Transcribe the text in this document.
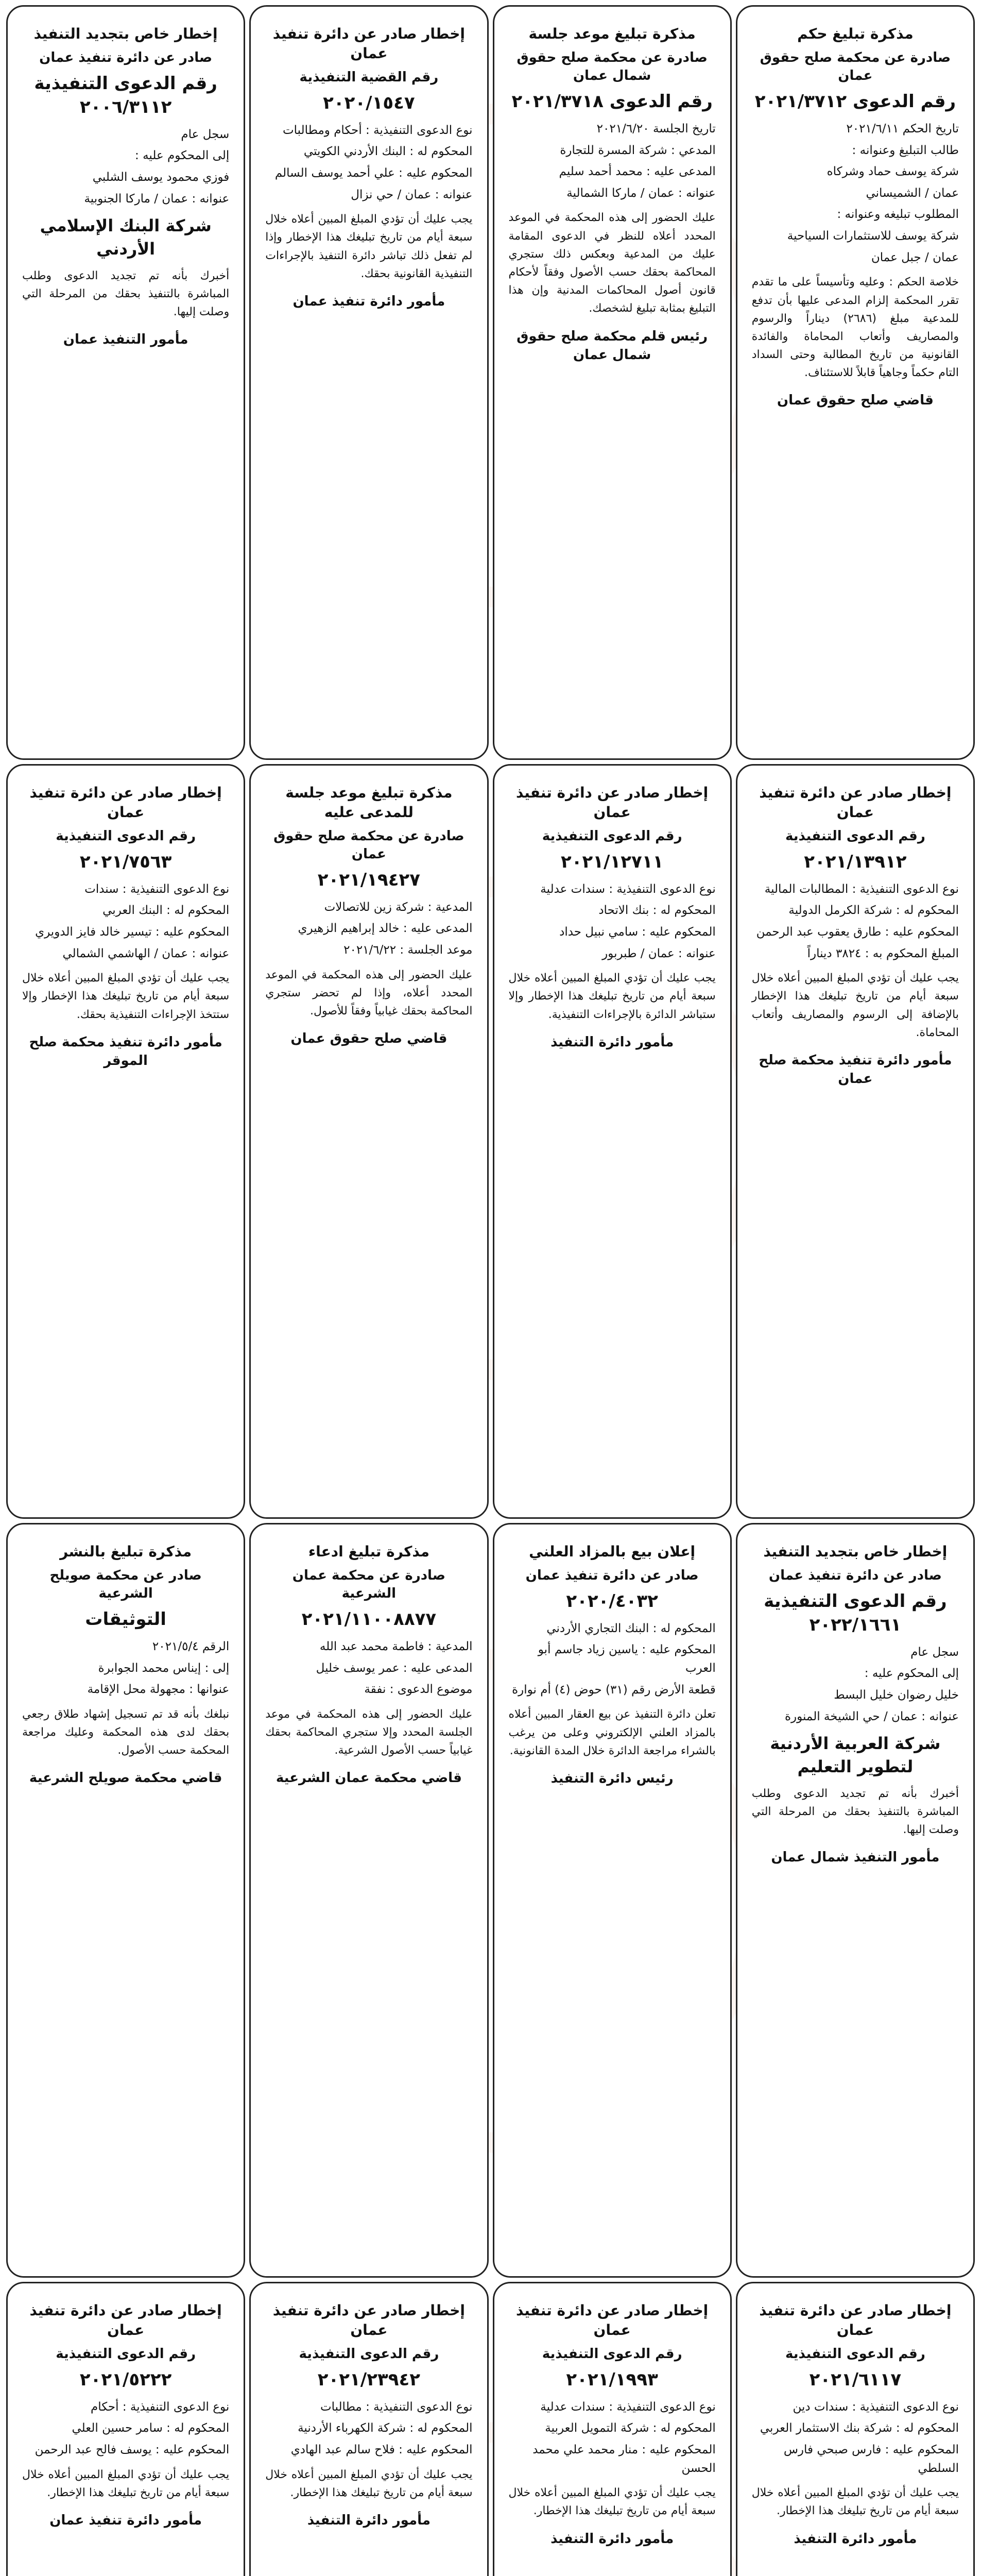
مذكرة تبليغ حكم
صادرة عن محكمة صلح حقوق عمان
رقم الدعوى ٢٠٢١/٣٧١٢
تاريخ الحكم ٢٠٢١/٦/١١
طالب التبليغ وعنوانه :
شركة يوسف حماد وشركاه
عمان / الشميساني
المطلوب تبليغه وعنوانه :
شركة يوسف للاستثمارات السياحية
عمان / جبل عمان
خلاصة الحكم : وعليه وتأسيساً على ما تقدم تقرر المحكمة إلزام المدعى عليها بأن تدفع للمدعية مبلغ (٢٦٨٦) ديناراً والرسوم والمصاريف وأتعاب المحاماة والفائدة القانونية من تاريخ المطالبة وحتى السداد التام حكماً وجاهياً قابلاً للاستئناف.
قاضي صلح حقوق عمان
مذكرة تبليغ موعد جلسة
صادرة عن محكمة صلح حقوق شمال عمان
رقم الدعوى ٢٠٢١/٣٧١٨
تاريخ الجلسة ٢٠٢١/٦/٢٠
المدعي : شركة المسرة للتجارة
المدعى عليه : محمد أحمد سليم
عنوانه : عمان / ماركا الشمالية
عليك الحضور إلى هذه المحكمة في الموعد المحدد أعلاه للنظر في الدعوى المقامة عليك من المدعية وبعكس ذلك ستجري المحاكمة بحقك حسب الأصول وفقاً لأحكام قانون أصول المحاكمات المدنية وإن هذا التبليغ بمثابة تبليغ لشخصك.
رئيس قلم محكمة صلح حقوق شمال عمان
إخطار صادر عن دائرة تنفيذ عمان
رقم القضية التنفيذية
٢٠٢٠/١٥٤٧
نوع الدعوى التنفيذية : أحكام ومطالبات
المحكوم له : البنك الأردني الكويتي
المحكوم عليه : علي أحمد يوسف السالم
عنوانه : عمان / حي نزال
يجب عليك أن تؤدي المبلغ المبين أعلاه خلال سبعة أيام من تاريخ تبليغك هذا الإخطار وإذا لم تفعل ذلك تباشر دائرة التنفيذ بالإجراءات التنفيذية القانونية بحقك.
مأمور دائرة تنفيذ عمان
إخطار خاص بتجديد التنفيذ
صادر عن دائرة تنفيذ عمان
رقم الدعوى التنفيذية ٢٠٠٦/٣١١٢
سجل عام
إلى المحكوم عليه :
فوزي محمود يوسف الشلبي
عنوانه : عمان / ماركا الجنوبية
شركة البنك الإسلامي الأردني
أخبرك بأنه تم تجديد الدعوى وطلب المباشرة بالتنفيذ بحقك من المرحلة التي وصلت إليها.
مأمور التنفيذ عمان
إخطار صادر عن دائرة تنفيذ عمان
رقم الدعوى التنفيذية
٢٠٢١/١٣٩١٢
نوع الدعوى التنفيذية : المطالبات المالية
المحكوم له : شركة الكرمل الدولية
المحكوم عليه : طارق يعقوب عبد الرحمن
المبلغ المحكوم به : ٣٨٢٤ ديناراً
يجب عليك أن تؤدي المبلغ المبين أعلاه خلال سبعة أيام من تاريخ تبليغك هذا الإخطار بالإضافة إلى الرسوم والمصاريف وأتعاب المحاماة.
مأمور دائرة تنفيذ محكمة صلح عمان
إخطار صادر عن دائرة تنفيذ عمان
رقم الدعوى التنفيذية
٢٠٢١/١٢٧١١
نوع الدعوى التنفيذية : سندات عدلية
المحكوم له : بنك الاتحاد
المحكوم عليه : سامي نبيل حداد
عنوانه : عمان / طبربور
يجب عليك أن تؤدي المبلغ المبين أعلاه خلال سبعة أيام من تاريخ تبليغك هذا الإخطار وإلا ستباشر الدائرة بالإجراءات التنفيذية.
مأمور دائرة التنفيذ
مذكرة تبليغ موعد جلسة للمدعى عليه
صادرة عن محكمة صلح حقوق عمان
٢٠٢١/١٩٤٢٧
المدعية : شركة زين للاتصالات
المدعى عليه : خالد إبراهيم الزهيري
موعد الجلسة : ٢٠٢١/٦/٢٢
عليك الحضور إلى هذه المحكمة في الموعد المحدد أعلاه، وإذا لم تحضر ستجري المحاكمة بحقك غيابياً وفقاً للأصول.
قاضي صلح حقوق عمان
إخطار صادر عن دائرة تنفيذ عمان
رقم الدعوى التنفيذية
٢٠٢١/٧٥٦٣
نوع الدعوى التنفيذية : سندات
المحكوم له : البنك العربي
المحكوم عليه : تيسير خالد فايز الدويري
عنوانه : عمان / الهاشمي الشمالي
يجب عليك أن تؤدي المبلغ المبين أعلاه خلال سبعة أيام من تاريخ تبليغك هذا الإخطار وإلا ستتخذ الإجراءات التنفيذية بحقك.
مأمور دائرة تنفيذ محكمة صلح الموقر
إخطار خاص بتجديد التنفيذ
صادر عن دائرة تنفيذ عمان
رقم الدعوى التنفيذية ٢٠٢٢/١٦٦١
سجل عام
إلى المحكوم عليه :
خليل رضوان خليل البسط
عنوانه : عمان / حي الشيخة المنورة
شركة العربية الأردنية لتطوير التعليم
أخبرك بأنه تم تجديد الدعوى وطلب المباشرة بالتنفيذ بحقك من المرحلة التي وصلت إليها.
مأمور التنفيذ شمال عمان
إعلان بيع بالمزاد العلني
صادر عن دائرة تنفيذ عمان
٢٠٢٠/٤٠٣٢
المحكوم له : البنك التجاري الأردني
المحكوم عليه : ياسين زياد جاسم أبو العرب
قطعة الأرض رقم (٣١) حوض (٤) أم نوارة
تعلن دائرة التنفيذ عن بيع العقار المبين أعلاه بالمزاد العلني الإلكتروني وعلى من يرغب بالشراء مراجعة الدائرة خلال المدة القانونية.
رئيس دائرة التنفيذ
مذكرة تبليغ ادعاء
صادرة عن محكمة عمان الشرعية
٢٠٢١/١١٠٠٨٨٧٧
المدعية : فاطمة محمد عبد الله
المدعى عليه : عمر يوسف خليل
موضوع الدعوى : نفقة
عليك الحضور إلى هذه المحكمة في موعد الجلسة المحدد وإلا ستجري المحاكمة بحقك غيابياً حسب الأصول الشرعية.
قاضي محكمة عمان الشرعية
مذكرة تبليغ بالنشر
صادر عن محكمة صويلح الشرعية
التوثيقات
الرقم ٢٠٢١/٥/٤
إلى : إيناس محمد الجوابرة
عنوانها : مجهولة محل الإقامة
نبلغك بأنه قد تم تسجيل إشهاد طلاق رجعي بحقك لدى هذه المحكمة وعليك مراجعة المحكمة حسب الأصول.
قاضي محكمة صويلح الشرعية
إخطار صادر عن دائرة تنفيذ عمان
رقم الدعوى التنفيذية
٢٠٢١/٦١١٧
نوع الدعوى التنفيذية : سندات دين
المحكوم له : شركة بنك الاستثمار العربي
المحكوم عليه : فارس صبحي فارس السلطي
يجب عليك أن تؤدي المبلغ المبين أعلاه خلال سبعة أيام من تاريخ تبليغك هذا الإخطار.
مأمور دائرة التنفيذ
إخطار صادر عن دائرة تنفيذ عمان
رقم الدعوى التنفيذية
٢٠٢١/١٩٩٣
نوع الدعوى التنفيذية : سندات عدلية
المحكوم له : شركة التمويل العربية
المحكوم عليه : منار محمد علي محمد الحسن
يجب عليك أن تؤدي المبلغ المبين أعلاه خلال سبعة أيام من تاريخ تبليغك هذا الإخطار.
مأمور دائرة التنفيذ
إخطار صادر عن دائرة تنفيذ عمان
رقم الدعوى التنفيذية
٢٠٢١/٢٣٩٤٢
نوع الدعوى التنفيذية : مطالبات
المحكوم له : شركة الكهرباء الأردنية
المحكوم عليه : فلاح سالم عبد الهادي
يجب عليك أن تؤدي المبلغ المبين أعلاه خلال سبعة أيام من تاريخ تبليغك هذا الإخطار.
مأمور دائرة التنفيذ
إخطار صادر عن دائرة تنفيذ عمان
رقم الدعوى التنفيذية
٢٠٢١/٥٢٢٢
نوع الدعوى التنفيذية : أحكام
المحكوم له : سامر حسين العلي
المحكوم عليه : يوسف فالح عبد الرحمن
يجب عليك أن تؤدي المبلغ المبين أعلاه خلال سبعة أيام من تاريخ تبليغك هذا الإخطار.
مأمور دائرة تنفيذ عمان
